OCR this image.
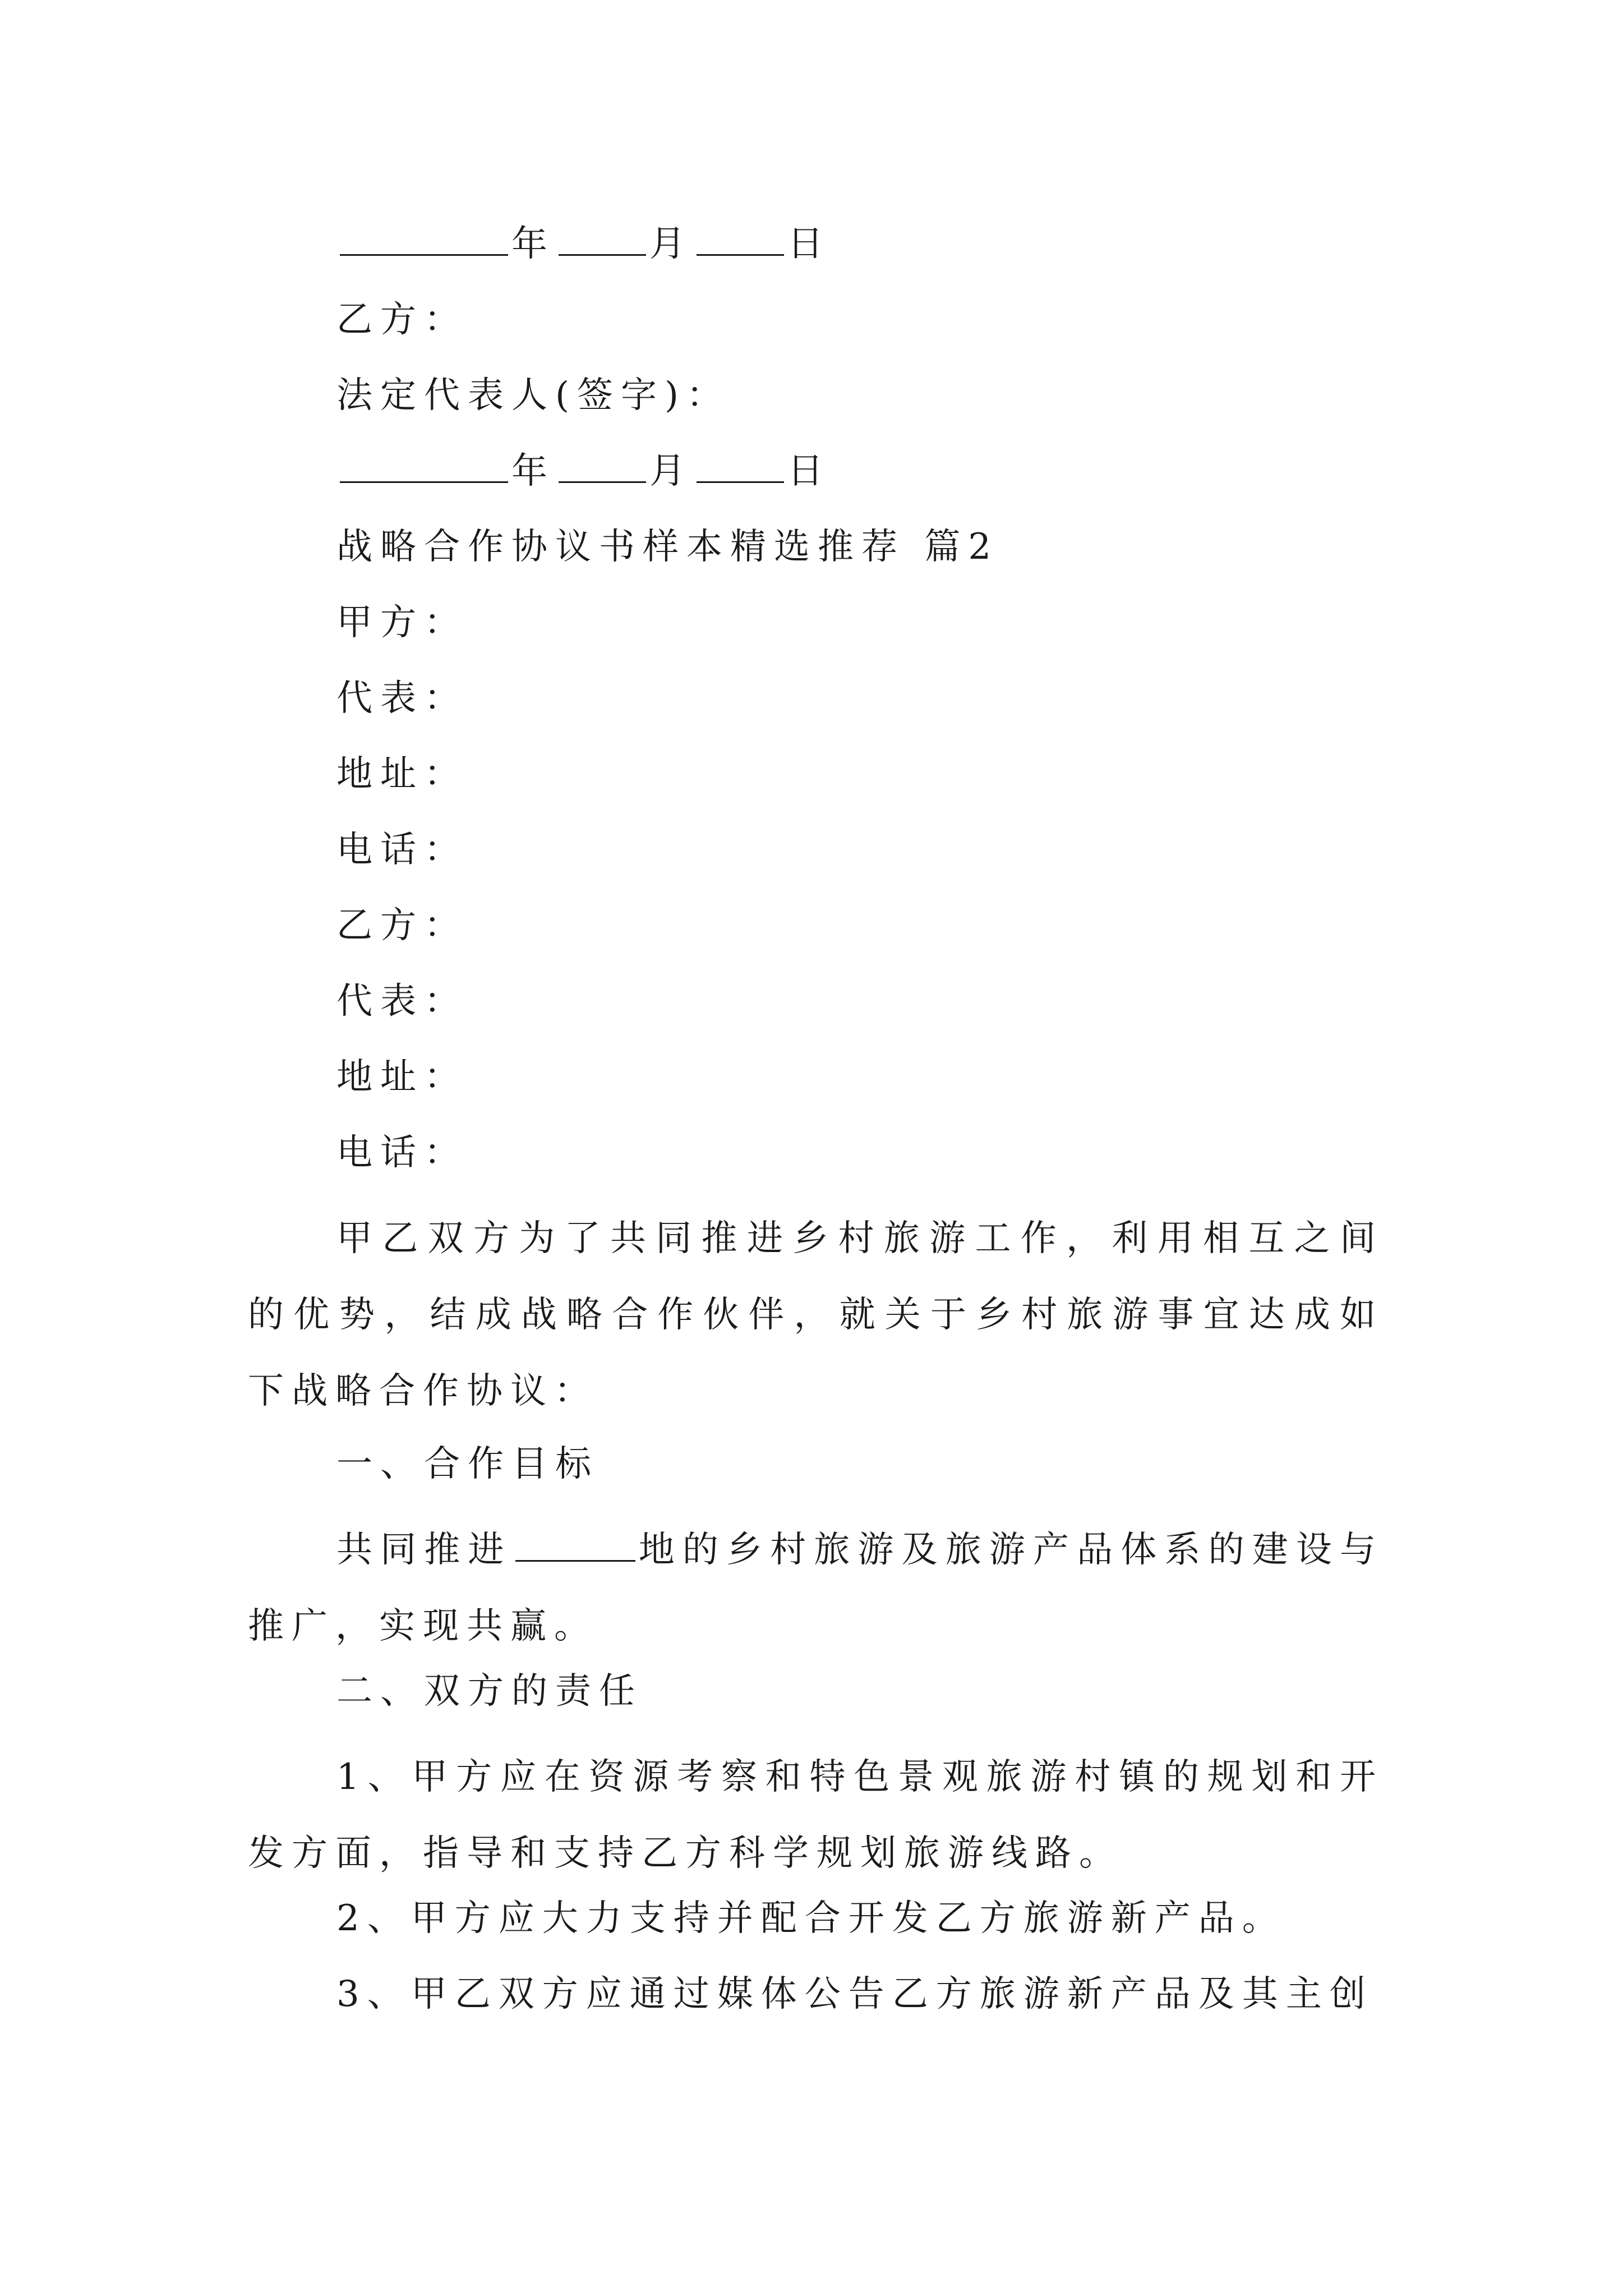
年	月	日
乙方：
法定代表人(签字)：
年	月	日
战略合作协议书样本精选推荐 篇2
甲方：
代表：
地址：
电话：
乙方：
代表：
地址：
电话：
甲乙双方为了共同推进乡村旅游工作，利用相互之间的优势，结成战略合作伙伴，就关于乡村旅游事宜达成如下战略合作协议：
一、合作目标
共同推进	地的乡村旅游及旅游产品体系的建设与推广，实现共赢。
二、双方的责任
1、甲方应在资源考察和特色景观旅游村镇的规划和开发方面，指导和支持乙方科学规划旅游线路。
2、甲方应大力支持并配合开发乙方旅游新产品。
3、甲乙双方应通过媒体公告乙方旅游新产品及其主创
